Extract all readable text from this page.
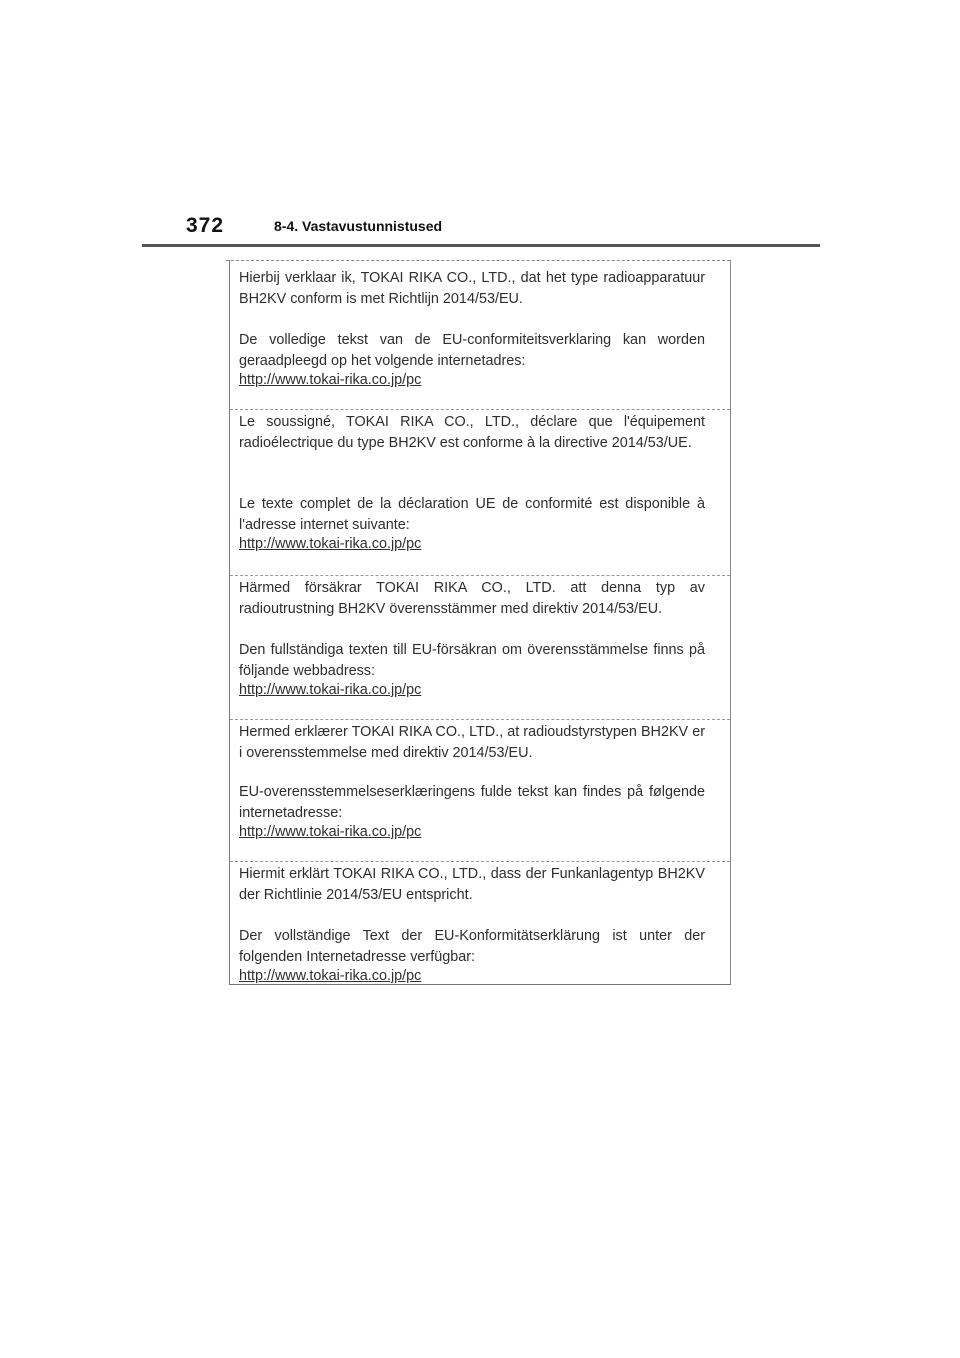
372	8-4. Vastavustunnistused

Hierbij verklaar ik, TOKAI RIKA CO., LTD., dat het type radioapparatuur BH2KV conform is met Richtlijn 2014/53/EU.

De volledige tekst van de EU-conformiteitsverklaring kan worden geraadpleegd op het volgende internetadres:

http://www.tokai-rika.co.jp/pc

Le soussigné, TOKAI RIKA CO., LTD., déclare que l'équipement radioélectrique du type BH2KV est conforme à la directive 2014/53/UE.

Le texte complet de la déclaration UE de conformité est disponible à l'adresse internet suivante:

http://www.tokai-rika.co.jp/pc

Härmed försäkrar TOKAI RIKA CO., LTD. att denna typ av radioutrustning BH2KV överensstämmer med direktiv 2014/53/EU.

Den fullständiga texten till EU-försäkran om överensstämmelse finns på följande webbadress:

http://www.tokai-rika.co.jp/pc

Hermed erklærer TOKAI RIKA CO., LTD., at radioudstyrstypen BH2KV er i overensstemmelse med direktiv 2014/53/EU.

EU-overensstemmelseserklæringens fulde tekst kan findes på følgende internetadresse:

http://www.tokai-rika.co.jp/pc

Hiermit erklärt TOKAI RIKA CO., LTD., dass der Funkanlagentyp BH2KV der Richtlinie 2014/53/EU entspricht.

Der vollständige Text der EU-Konformitätserklärung ist unter der folgenden Internetadresse verfügbar:

http://www.tokai-rika.co.jp/pc
